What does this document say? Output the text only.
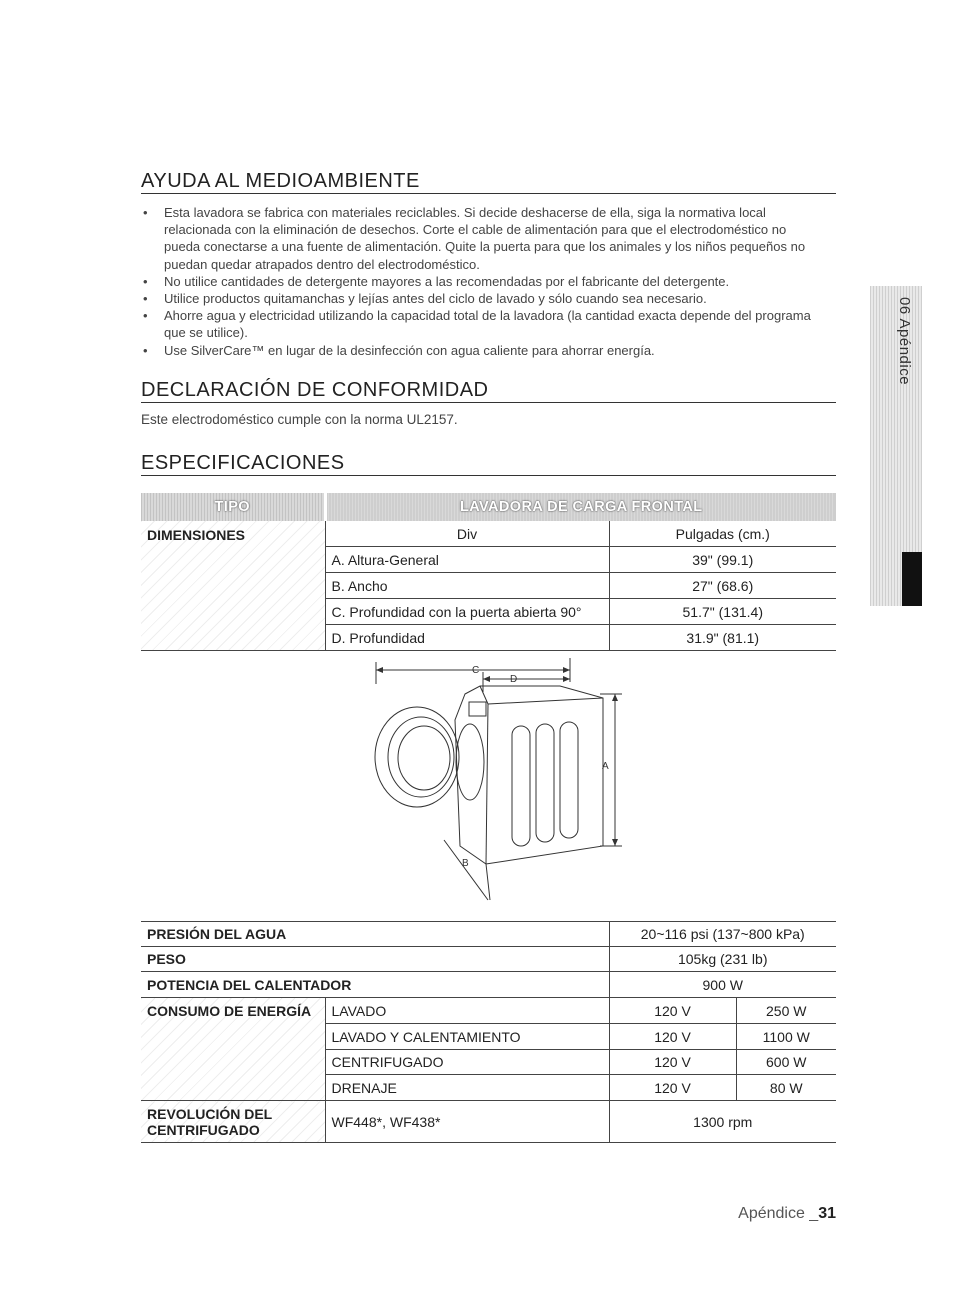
AYUDA AL MEDIOAMBIENTE
• Esta lavadora se fabrica con materiales reciclables. Si decide deshacerse de ella, siga la normativa local relacionada con la eliminación de desechos. Corte el cable de alimentación para que el electrodoméstico no pueda conectarse a una fuente de alimentación. Quite la puerta para que los animales y los niños pequeños no puedan quedar atrapados dentro del electrodoméstico.
• No utilice cantidades de detergente mayores a las recomendadas por el fabricante del detergente.
• Utilice productos quitamanchas y lejías antes del ciclo de lavado y sólo cuando sea necesario.
• Ahorre agua y electricidad utilizando la capacidad total de la lavadora (la cantidad exacta depende del programa que se utilice).
• Use SilverCare™ en lugar de la desinfección con agua caliente para ahorrar energía.
DECLARACIÓN DE CONFORMIDAD

Este electrodoméstico cumple con la norma UL2157.

ESPECIFICACIONES
TIPO	LAVADORA DE CARGA FRONTAL	
DIMENSIONES	Div	Pulgadas (cm.)
	A. Altura-General	39" (99.1)
	B. Ancho	27" (68.6)
	C. Profundidad con la puerta abierta 90°	51.7" (131.4)
	D. Profundidad	31.9" (81.1)
C
D
A
B
PRESIÓN DEL AGUA		20~116 psi (137~800 kPa)	
PESO		105kg (231 lb)	
POTENCIA DEL CALENTADOR		900 W	
CONSUMO DE ENERGÍA	LAVADO	120 V	250 W
	LAVADO Y CALENTAMIENTO	120 V	1100 W
	CENTRIFUGADO	120 V	600 W
	DRENAJE	120 V	80 W
REVOLUCIÓN DEL CENTRIFUGADO	WF448*, WF438*	1300 rpm	
06 Apéndice
Apéndice _31
